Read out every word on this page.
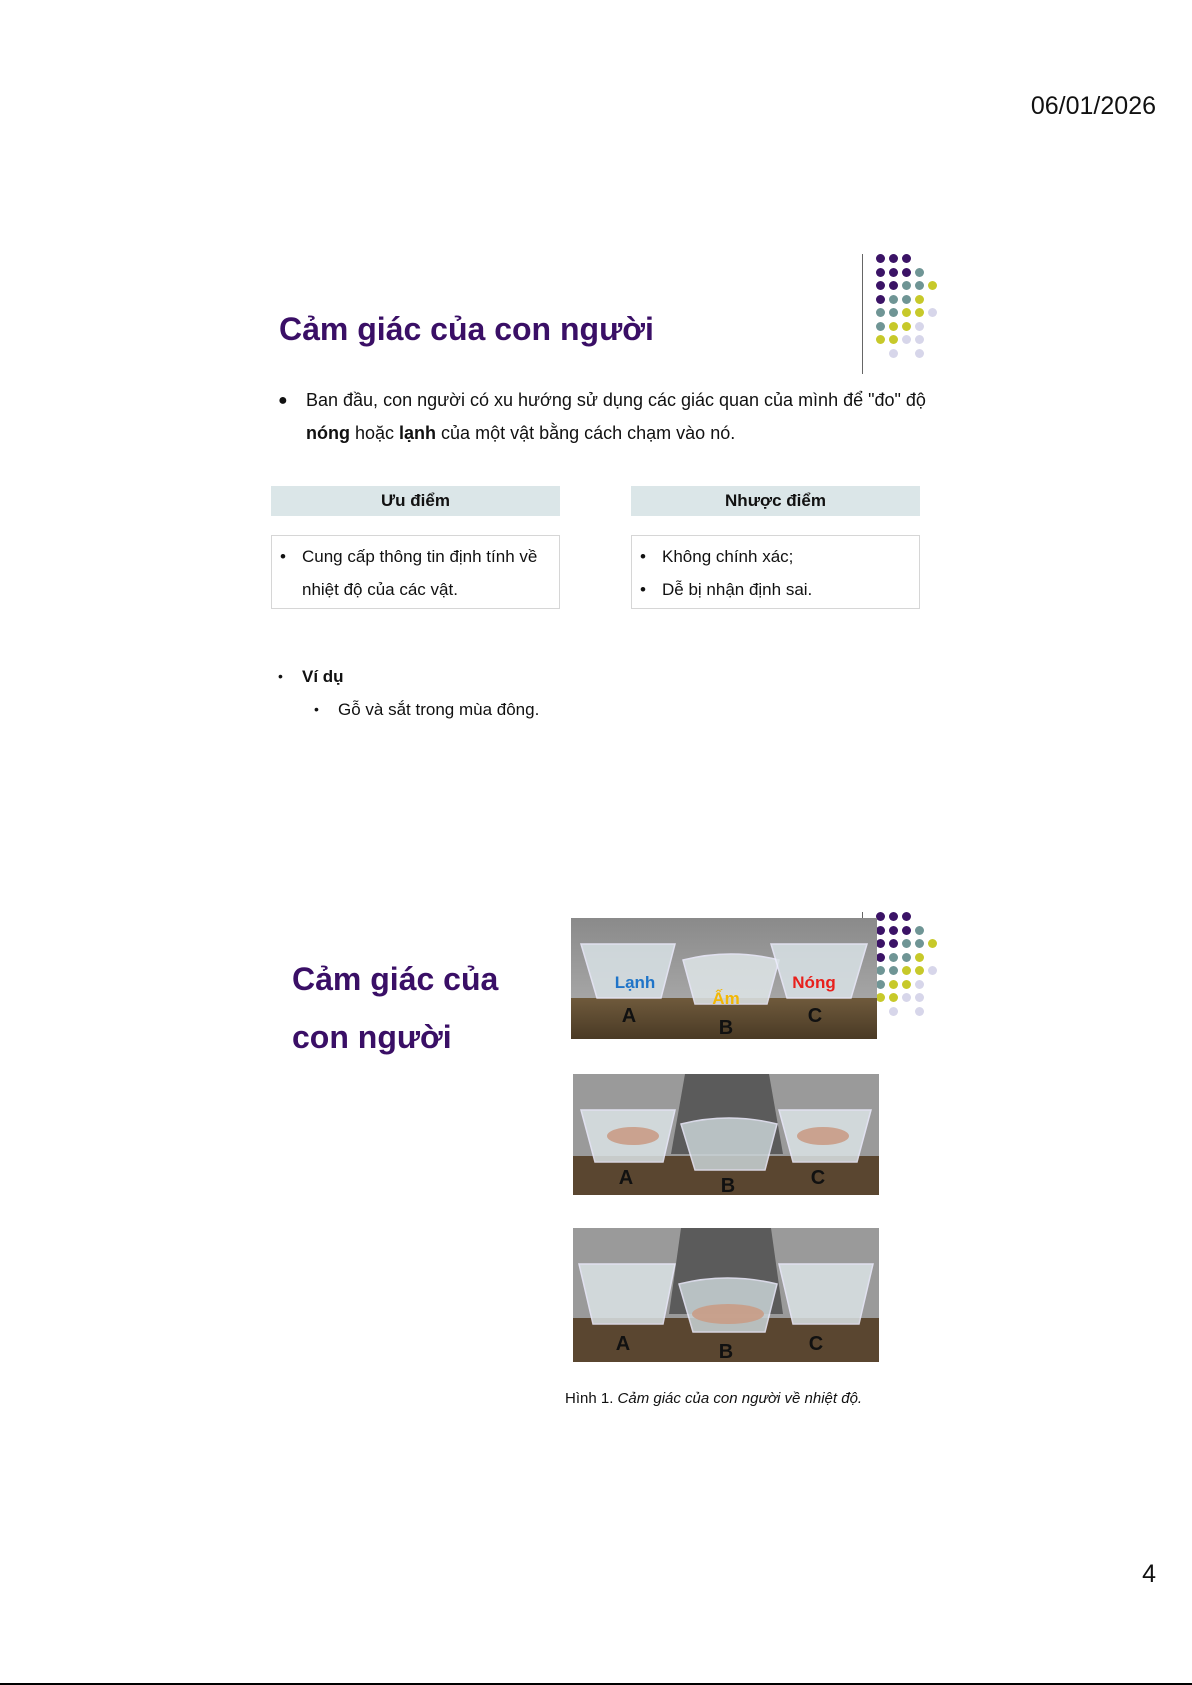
06/01/2026
Cảm giác của con người
● Ban đầu, con người có xu hướng sử dụng các giác quan của mình để "đo" độ nóng hoặc lạnh của một vật bằng cách chạm vào nó.
Ưu điểm
• Cung cấp thông tin định tính về nhiệt độ của các vật.
Nhược điểm
• Không chính xác;
• Dễ bị nhận định sai.
• Ví dụ
• Gỗ và sắt trong mùa đông.
Cảm giác của
con người
Lạnh
Ấm
Nóng
A
B
C
A	B	C
A	B	C
Hình 1. Cảm giác của con người về nhiệt độ.
4
